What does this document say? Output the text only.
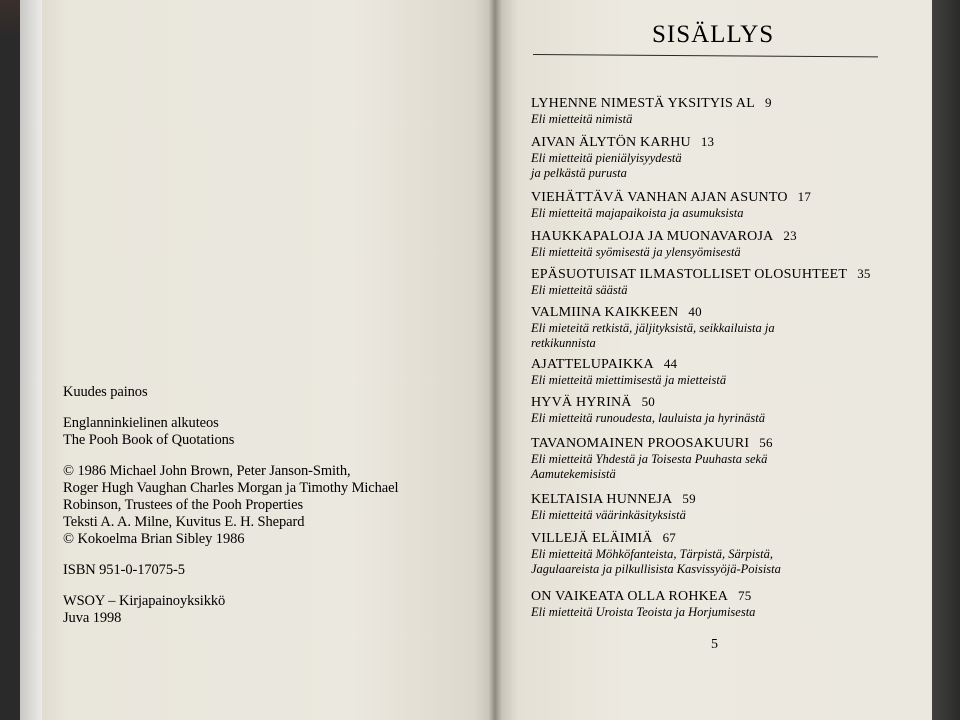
Kuudes painos
Englanninkielinen alkuteos
The Pooh Book of Quotations
© 1986 Michael John Brown, Peter Janson-Smith,
Roger Hugh Vaughan Charles Morgan ja Timothy Michael
Robinson, Trustees of the Pooh Properties
Teksti A. A. Milne, Kuvitus E. H. Shepard
© Kokoelma Brian Sibley 1986
ISBN 951-0-17075-5
WSOY – Kirjapainoyksikkö
Juva 1998
SISÄLLYS
LYHENNE NIMESTÄ YKSITYIS AL 9
Eli mietteitä nimistä
AIVAN ÄLYTÖN KARHU 13
Eli mietteitä pieniälyisyydestä
ja pelkästä purusta
VIEHÄTTÄVÄ VANHAN AJAN ASUNTO 17
Eli mietteitä majapaikoista ja asumuksista
HAUKKAPALOJA JA MUONAVAROJA 23
Eli mietteitä syömisestä ja ylensyömisestä
EPÄSUOTUISAT ILMASTOLLISET OLOSUHTEET 35
Eli mietteitä säästä
VALMIINA KAIKKEEN 40
Eli mieteitä retkistä, jäljityksistä, seikkailuista ja
retkikunnista
AJATTELUPAIKKA 44
Eli mietteitä miettimisestä ja mietteistä
HYVÄ HYRINÄ 50
Eli mietteitä runoudesta, lauluista ja hyrinästä
TAVANOMAINEN PROOSAKUURI 56
Eli mietteitä Yhdestä ja Toisesta Puuhasta sekä
Aamutekemisistä
KELTAISIA HUNNEJA 59
Eli mietteitä väärinkäsityksistä
VILLEJÄ ELÄIMIÄ 67
Eli mietteitä Möhköfanteista, Tärpistä, Särpistä,
Jagulaareista ja pilkullisista Kasvissyöjä-Poisista
ON VAIKEATA OLLA ROHKEA 75
Eli mietteitä Uroista Teoista ja Horjumisesta
5
